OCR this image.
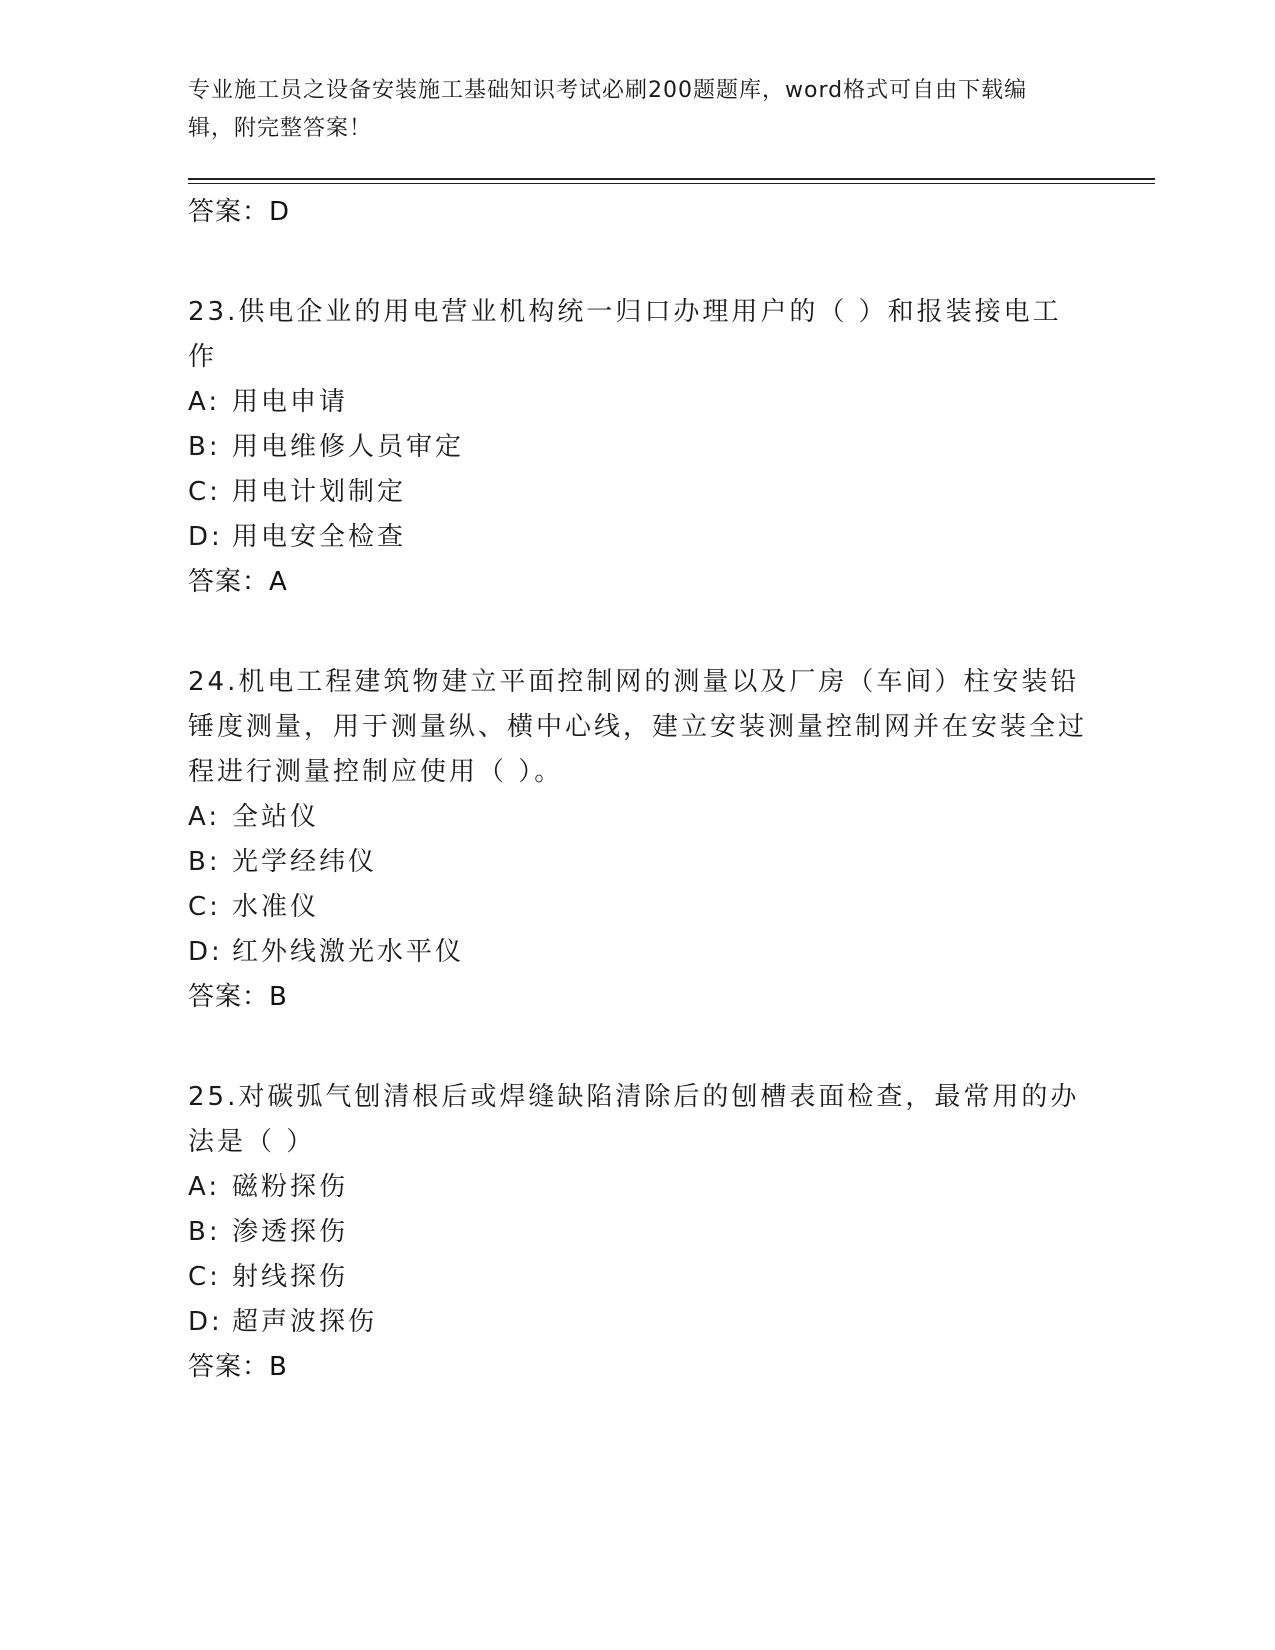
专业施工员之设备安装施工基础知识考试必刷200题题库，word格式可自由下载编辑，附完整答案！
答案：D
23.供电企业的用电营业机构统一归口办理用户的（ ）和报装接电工作
A: 用电申请
B: 用电维修人员审定
C: 用电计划制定
D: 用电安全检查
答案：A
24.机电工程建筑物建立平面控制网的测量以及厂房（车间）柱安装铅锤度测量，用于测量纵、横中心线，建立安装测量控制网并在安装全过程进行测量控制应使用（ ）。
A: 全站仪
B: 光学经纬仪
C: 水准仪
D: 红外线激光水平仪
答案：B
25.对碳弧气刨清根后或焊缝缺陷清除后的刨槽表面检查，最常用的办法是（ ）
A: 磁粉探伤
B: 渗透探伤
C: 射线探伤
D: 超声波探伤
答案：B
